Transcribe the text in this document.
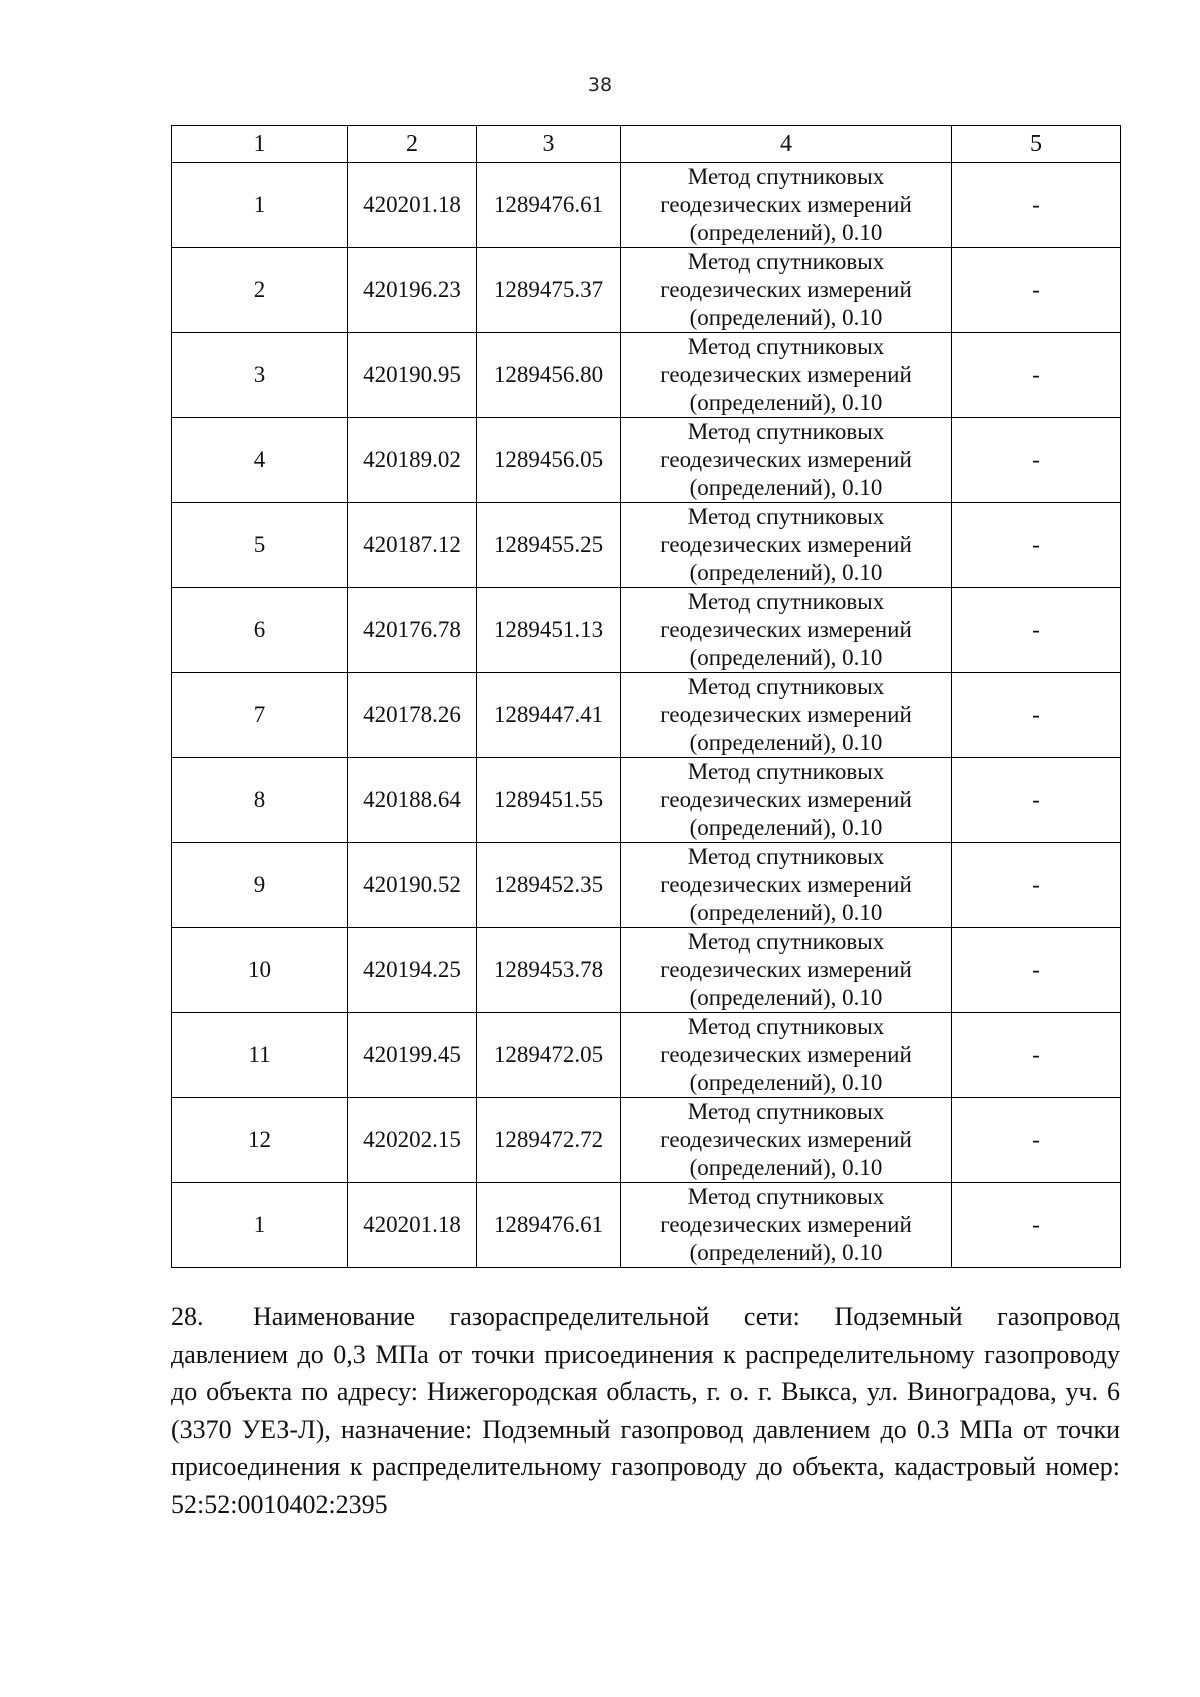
38
1	2	3	4	5
1	420201.18	1289476.61	Метод спутниковых
геодезических измерений
(определений), 0.10	-
2	420196.23	1289475.37	Метод спутниковых
геодезических измерений
(определений), 0.10	-
3	420190.95	1289456.80	Метод спутниковых
геодезических измерений
(определений), 0.10	-
4	420189.02	1289456.05	Метод спутниковых
геодезических измерений
(определений), 0.10	-
5	420187.12	1289455.25	Метод спутниковых
геодезических измерений
(определений), 0.10	-
6	420176.78	1289451.13	Метод спутниковых
геодезических измерений
(определений), 0.10	-
7	420178.26	1289447.41	Метод спутниковых
геодезических измерений
(определений), 0.10	-
8	420188.64	1289451.55	Метод спутниковых
геодезических измерений
(определений), 0.10	-
9	420190.52	1289452.35	Метод спутниковых
геодезических измерений
(определений), 0.10	-
10	420194.25	1289453.78	Метод спутниковых
геодезических измерений
(определений), 0.10	-
11	420199.45	1289472.05	Метод спутниковых
геодезических измерений
(определений), 0.10	-
12	420202.15	1289472.72	Метод спутниковых
геодезических измерений
(определений), 0.10	-
1	420201.18	1289476.61	Метод спутниковых
геодезических измерений
(определений), 0.10	-
28. Наименование газораспределительной сети: Подземный газопровод давлением до 0,3 МПа от точки присоединения к распределительному газопроводу до объекта по адресу: Нижегородская область, г. о. г. Выкса, ул. Виноградова, уч. 6 (3370 УЕЗ-Л), назначение: Подземный газопровод давлением до 0.3 МПа от точки присоединения к распределительному газопроводу до объекта, кадастровый номер: 52:52:0010402:2395
